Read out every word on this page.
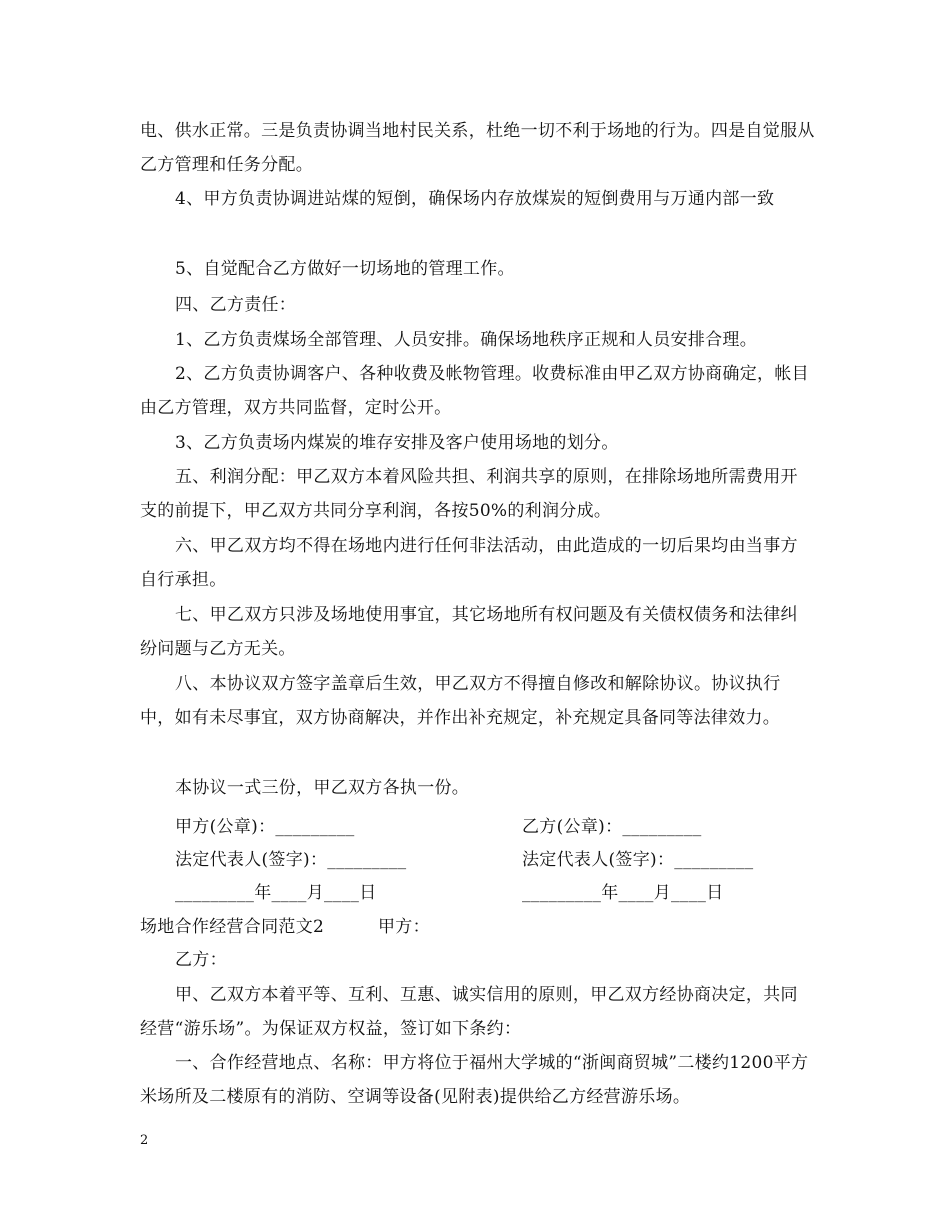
电、供水正常。三是负责协调当地村民关系，杜绝一切不利于场地的行为。四是自觉服从乙方管理和任务分配。

4、甲方负责协调进站煤的短倒，确保场内存放煤炭的短倒费用与万通内部一致

5、自觉配合乙方做好一切场地的管理工作。

四、乙方责任：

1、乙方负责煤场全部管理、人员安排。确保场地秩序正规和人员安排合理。

2、乙方负责协调客户、各种收费及帐物管理。收费标准由甲乙双方协商确定，帐目由乙方管理，双方共同监督，定时公开。

3、乙方负责场内煤炭的堆存安排及客户使用场地的划分。

五、利润分配：甲乙双方本着风险共担、利润共享的原则，在排除场地所需费用开支的前提下，甲乙双方共同分享利润，各按50%的利润分成。

六、甲乙双方均不得在场地内进行任何非法活动，由此造成的一切后果均由当事方自行承担。

七、甲乙双方只涉及场地使用事宜，其它场地所有权问题及有关债权债务和法律纠纷问题与乙方无关。

八、本协议双方签字盖章后生效，甲乙双方不得擅自修改和解除协议。协议执行中，如有未尽事宜，双方协商解决，并作出补充规定，补充规定具备同等法律效力。

本协议一式三份，甲乙双方各执一份。

甲方(公章)：_________	乙方(公章)：_________
法定代表人(签字)：_________	法定代表人(签字)：_________
_________年____月____日	_________年____月____日
场地合作经营合同范文2	甲方：

乙方：

甲、乙双方本着平等、互利、互惠、诚实信用的原则，甲乙双方经协商决定，共同经营“游乐场”。为保证双方权益，签订如下条约：

一、合作经营地点、名称：甲方将位于福州大学城的“浙闽商贸城”二楼约1200平方米场所及二楼原有的消防、空调等设备(见附表)提供给乙方经营游乐场。

2
